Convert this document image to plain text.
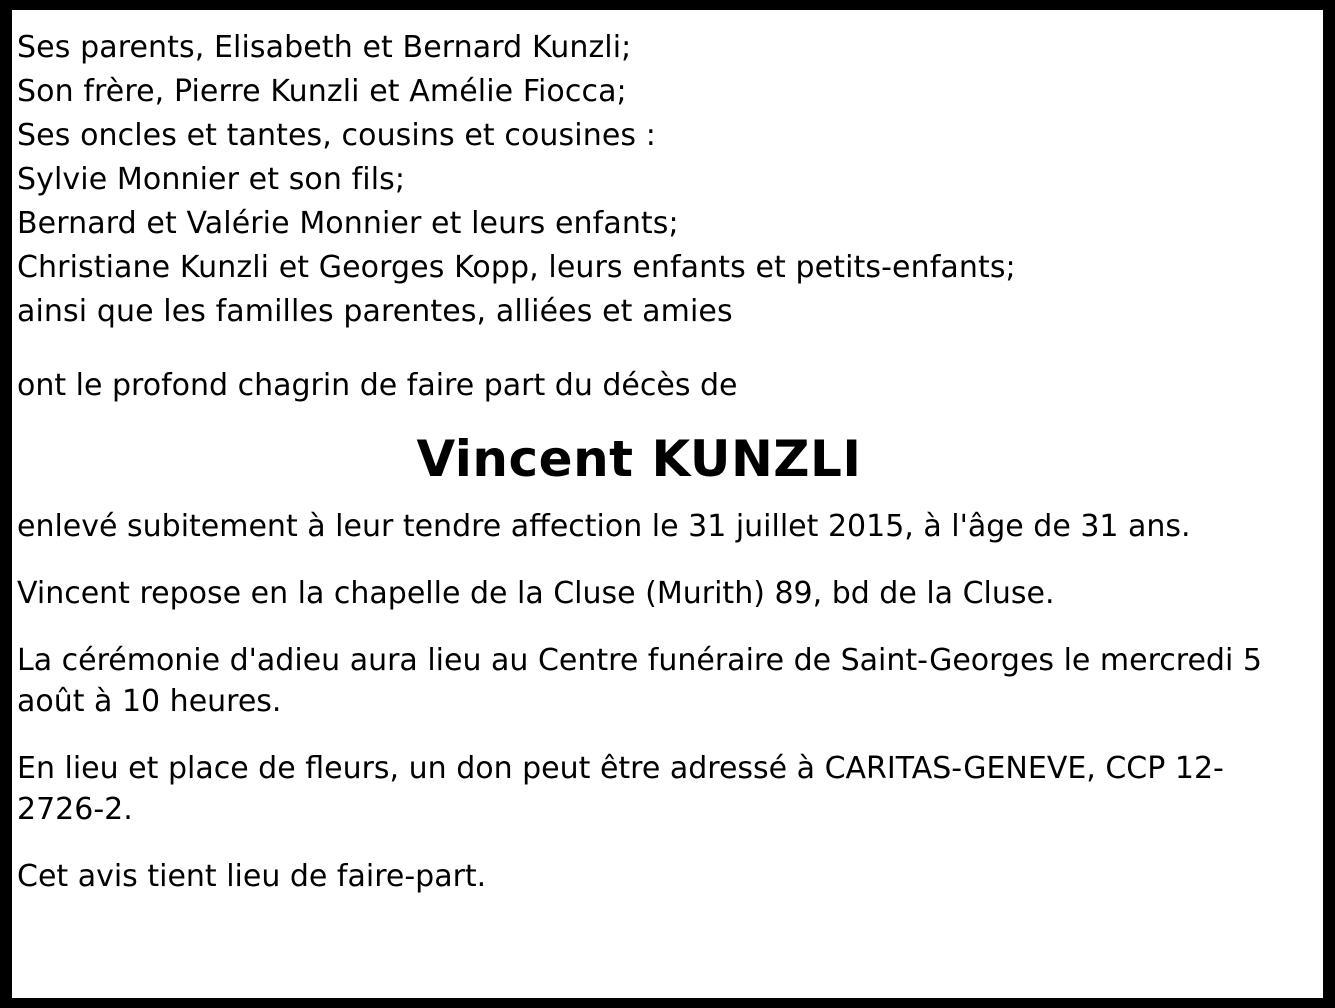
Ses parents, Elisabeth et Bernard Kunzli;
Son frère, Pierre Kunzli et Amélie Fiocca;
Ses oncles et tantes, cousins et cousines :
Sylvie Monnier et son fils;
Bernard et Valérie Monnier et leurs enfants;
Christiane Kunzli et Georges Kopp, leurs enfants et petits-enfants;
ainsi que les familles parentes, alliées et amies
ont le profond chagrin de faire part du décès de
Vincent KUNZLI
enlevé subitement à leur tendre affection le 31 juillet 2015, à l'âge de 31 ans.
Vincent repose en la chapelle de la Cluse (Murith) 89, bd de la Cluse.
La cérémonie d'adieu aura lieu au Centre funéraire de Saint-Georges le mercredi 5 août à 10 heures.
En lieu et place de fleurs, un don peut être adressé à CARITAS-GENEVE, CCP 12-2726-2.
Cet avis tient lieu de faire-part.
